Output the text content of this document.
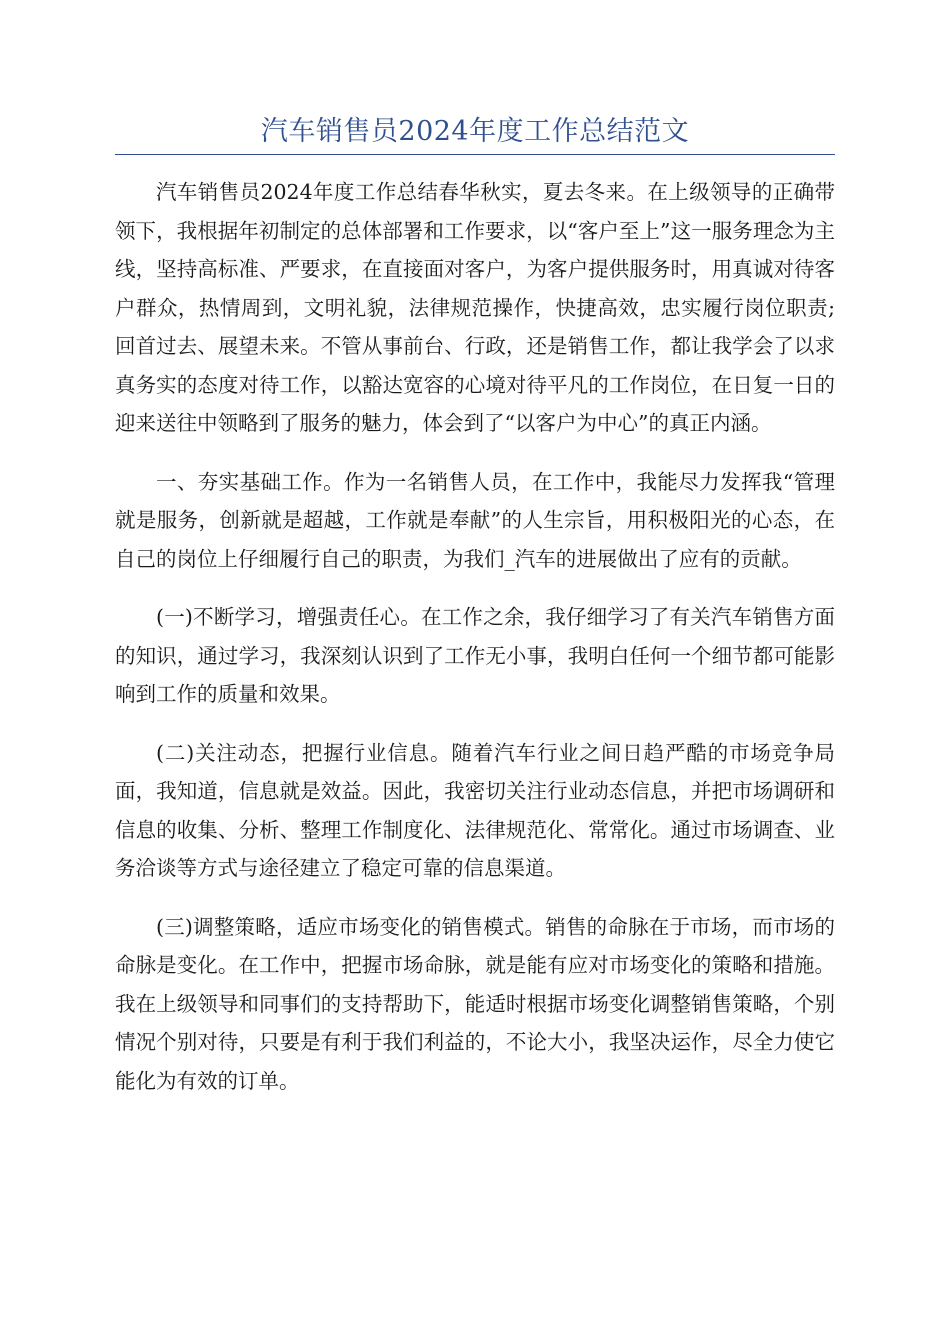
汽车销售员2024年度工作总结范文

汽车销售员2024年度工作总结春华秋实，夏去冬来。在上级领导的正确带领下，我根据年初制定的总体部署和工作要求，以“客户至上”这一服务理念为主线，坚持高标准、严要求，在直接面对客户，为客户提供服务时，用真诚对待客户群众，热情周到，文明礼貌，法律规范操作，快捷高效，忠实履行岗位职责;回首过去、展望未来。不管从事前台、行政，还是销售工作，都让我学会了以求真务实的态度对待工作，以豁达宽容的心境对待平凡的工作岗位，在日复一日的迎来送往中领略到了服务的魅力，体会到了“以客户为中心”的真正内涵。

一、夯实基础工作。作为一名销售人员，在工作中，我能尽力发挥我“管理就是服务，创新就是超越，工作就是奉献”的人生宗旨，用积极阳光的心态，在自己的岗位上仔细履行自己的职责，为我们_汽车的进展做出了应有的贡献。

(一)不断学习，增强责任心。在工作之余，我仔细学习了有关汽车销售方面的知识，通过学习，我深刻认识到了工作无小事，我明白任何一个细节都可能影响到工作的质量和效果。

(二)关注动态，把握行业信息。随着汽车行业之间日趋严酷的市场竞争局面，我知道，信息就是效益。因此，我密切关注行业动态信息，并把市场调研和信息的收集、分析、整理工作制度化、法律规范化、常常化。通过市场调查、业务洽谈等方式与途径建立了稳定可靠的信息渠道。

(三)调整策略，适应市场变化的销售模式。销售的命脉在于市场，而市场的命脉是变化。在工作中，把握市场命脉，就是能有应对市场变化的策略和措施。我在上级领导和同事们的支持帮助下，能适时根据市场变化调整销售策略，个别情况个别对待，只要是有利于我们利益的，不论大小，我坚决运作，尽全力使它能化为有效的订单。
